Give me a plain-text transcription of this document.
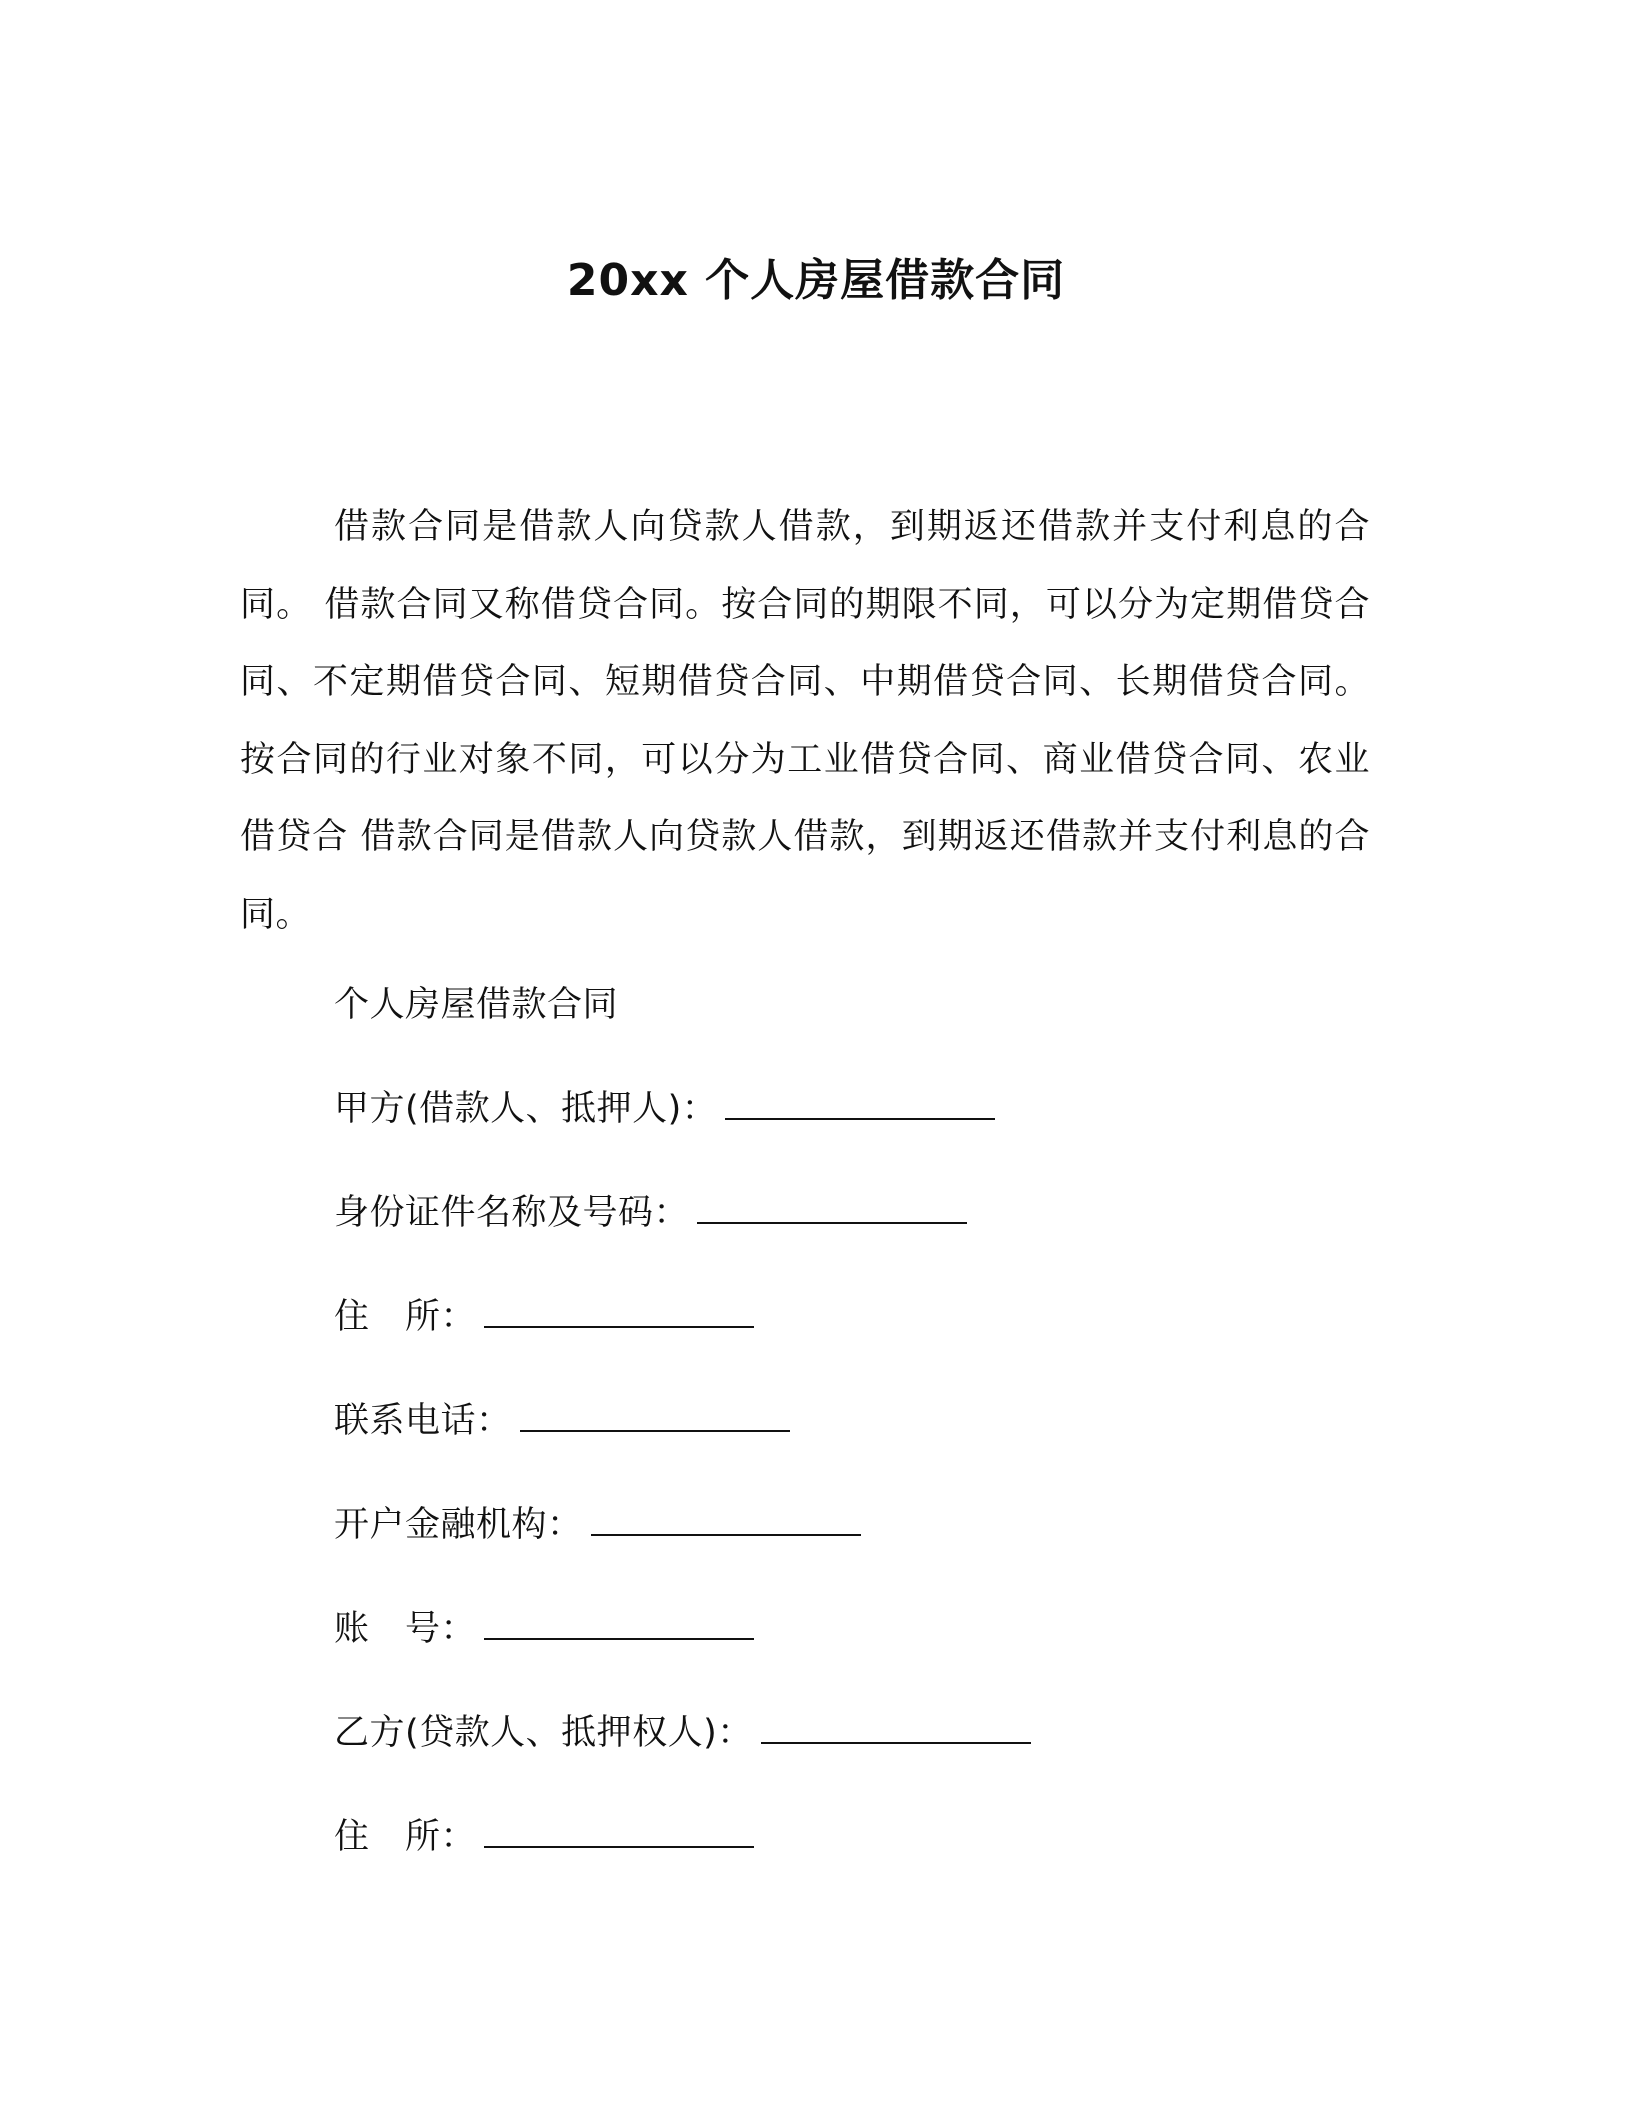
20xx 个人房屋借款合同

借款合同是借款人向贷款人借款，到期返还借款并支付利息的合同。 借款合同又称借贷合同。按合同的期限不同，可以分为定期借贷合同、不定期借贷合同、短期借贷合同、中期借贷合同、长期借贷合同。按合同的行业对象不同，可以分为工业借贷合同、商业借贷合同、农业借贷合 借款合同是借款人向贷款人借款，到期返还借款并支付利息的合同。

个人房屋借款合同
甲方(借款人、抵押人)：
身份证件名称及号码：
住　所：
联系电话：
开户金融机构：
账　号：
乙方(贷款人、抵押权人)：
住　所：
